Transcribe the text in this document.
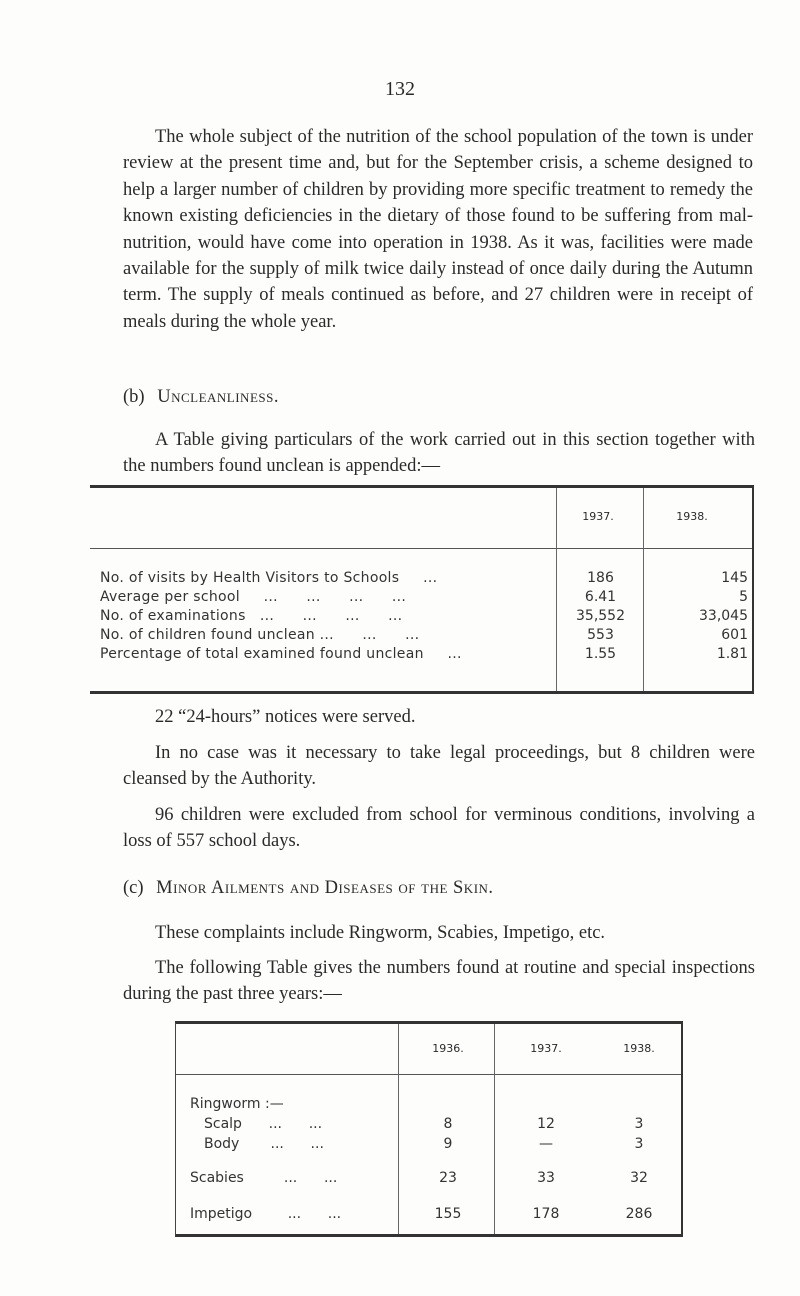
132
The whole subject of the nutrition of the school population of the town is under review at the present time and, but for the September crisis, a scheme designed to help a larger number of children by providing more specific treatment to remedy the known existing deficiencies in the dietary of those found to be suffering from mal-nutrition, would have come into operation in 1938. As it was, facilities were made available for the supply of milk twice daily instead of once daily during the Autumn term. The supply of meals continued as before, and 27 children were in receipt of meals during the whole year.
(b) Uncleanliness.
A Table giving particulars of the work carried out in this section together with the numbers found unclean is appended:—
1937.	1938.
No. of visits by Health Visitors to Schools     ...	186	145
Average per school     ...      ...      ...      ...	6.41	5
No. of examinations   ...      ...      ...      ...	35,552	33,045
No. of children found unclean ...      ...      ...	553	601
Percentage of total examined found unclean     ...	1.55	1.81
22 “24-hours” notices were served.
In no case was it necessary to take legal proceedings, but 8 children were cleansed by the Authority.
96 children were excluded from school for verminous conditions, involving a loss of 557 school days.
(c) Minor Ailments and Diseases of the Skin.
These complaints include Ringworm, Scabies, Impetigo, etc.
The following Table gives the numbers found at routine and special inspections during the past three years:—
1936.	1937.	1938.
Ringworm :—
Scalp      ...      ...	8	12	3
Body       ...      ...	9	—	3
Scabies         ...      ...	23	33	32
Impetigo        ...      ...	155	178	286
